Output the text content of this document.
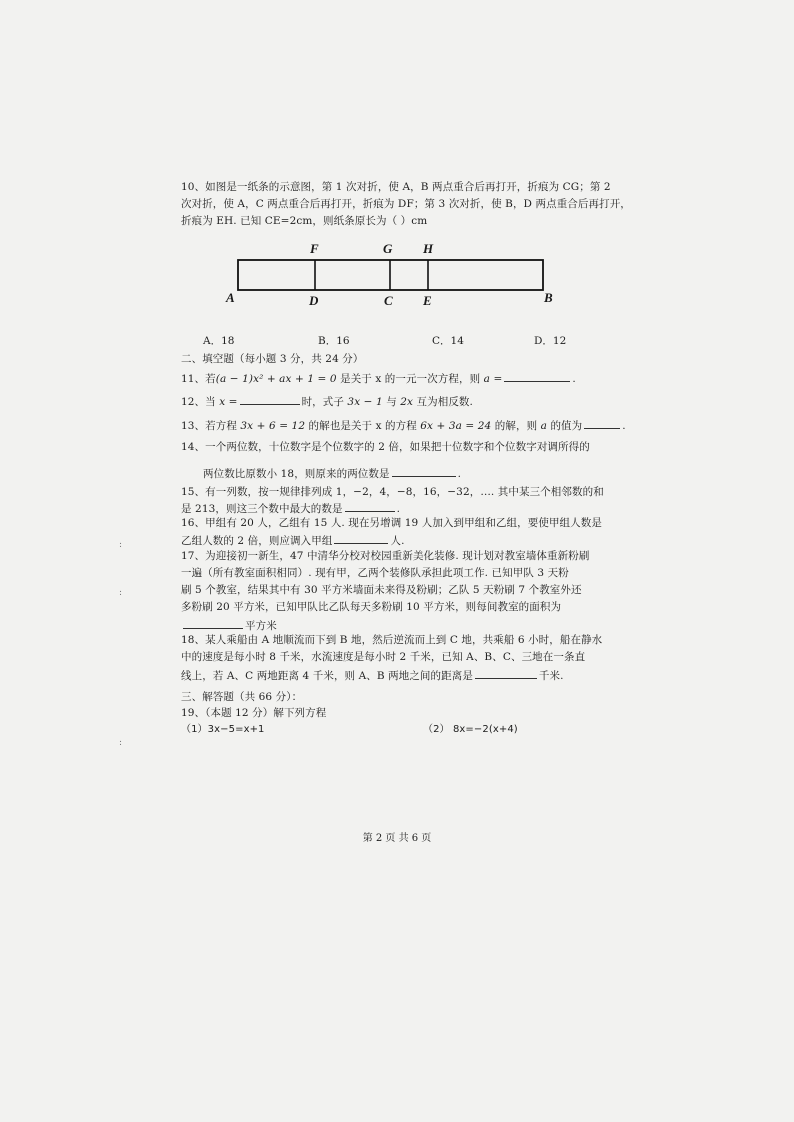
10、如图是一纸条的示意图，第 1 次对折，使 A，B 两点重合后再打开，折痕为 CG；第 2
次对折，使 A，C 两点重合后再打开，折痕为 DF；第 3 次对折，使 B，D 两点重合后再打开，
折痕为 EH. 已知 CE=2cm，则纸条原长为（ ）cm
F	G H
A	D	C E	B
A．18	B．16	C．14	D．12
二、填空题（每小题 3 分，共 24 分）
11、若(a − 1)x² + ax + 1 = 0 是关于 x 的一元一次方程，则 a =	.
12、当 x =	时，式子 3x − 1 与 2x 互为相反数.
13、若方程 3x + 6 = 12 的解也是关于 x 的方程 6x + 3a = 24 的解，则 a 的值为	.
14、一个两位数，十位数字是个位数字的 2 倍，如果把十位数字和个位数字对调所得的
两位数比原数小 18，则原来的两位数是	.
15、有一列数，按一规律排列成 1，−2，4，−8，16，−32，…. 其中某三个相邻数的和
是 213，则这三个数中最大的数是	.
16、甲组有 20 人，乙组有 15 人. 现在另增调 19 人加入到甲组和乙组，要使甲组人数是
乙组人数的 2 倍，则应调入甲组	人.
17、为迎接初一新生，47 中清华分校对校园重新美化装修. 现计划对教室墙体重新粉刷
一遍（所有教室面积相同）. 现有甲，乙两个装修队承担此项工作. 已知甲队 3 天粉
刷 5 个教室，结果其中有 30 平方米墙面未来得及粉刷；乙队 5 天粉刷 7 个教室外还
多粉刷 20 平方米，已知甲队比乙队每天多粉刷 10 平方米，则每间教室的面积为
平方米
18、某人乘船由 A 地顺流而下到 B 地，然后逆流而上到 C 地，共乘船 6 小时，船在静水
中的速度是每小时 8 千米，水流速度是每小时 2 千米，已知 A、B、C、三地在一条直
线上，若 A、C 两地距离 4 千米，则 A、B 两地之间的距离是	千米.
三、解答题（共 66 分）：
19、（本题 12 分）解下列方程
（1）3x−5=x+1	（2） 8x=−2(x+4)
:
:
:
第 2 页 共 6 页
